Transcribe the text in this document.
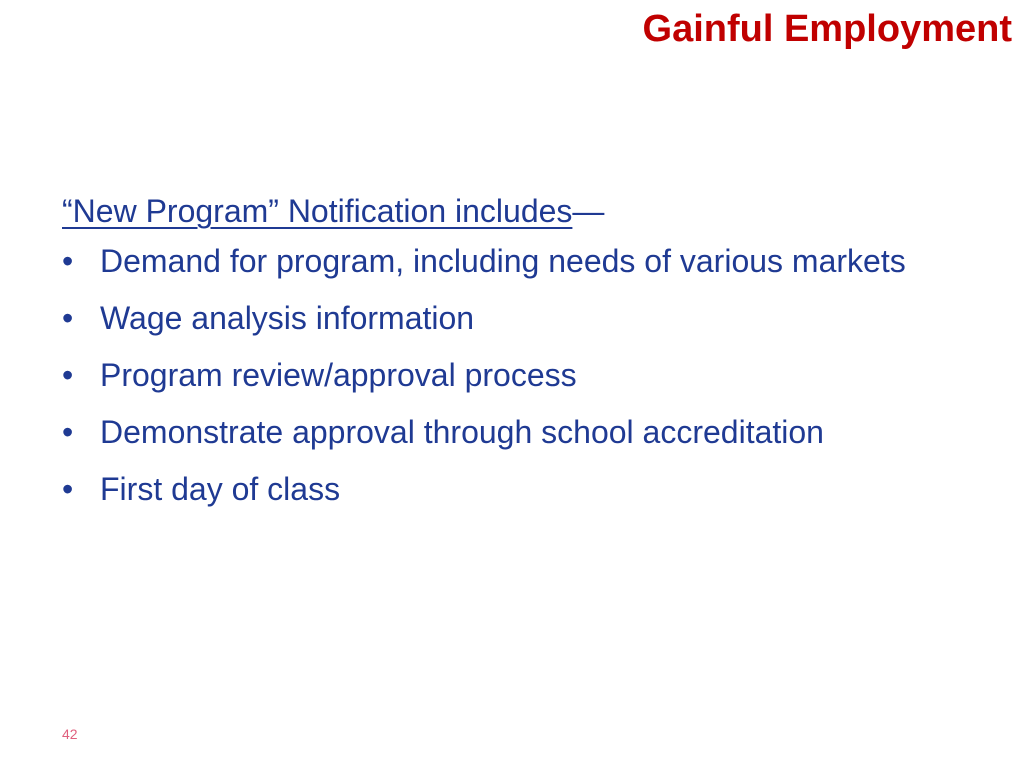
Gainful Employment

“New Program” Notification includes—

• Demand for program, including needs of various markets
• Wage analysis information
• Program review/approval process
• Demonstrate approval through school accreditation
• First day of class
42
